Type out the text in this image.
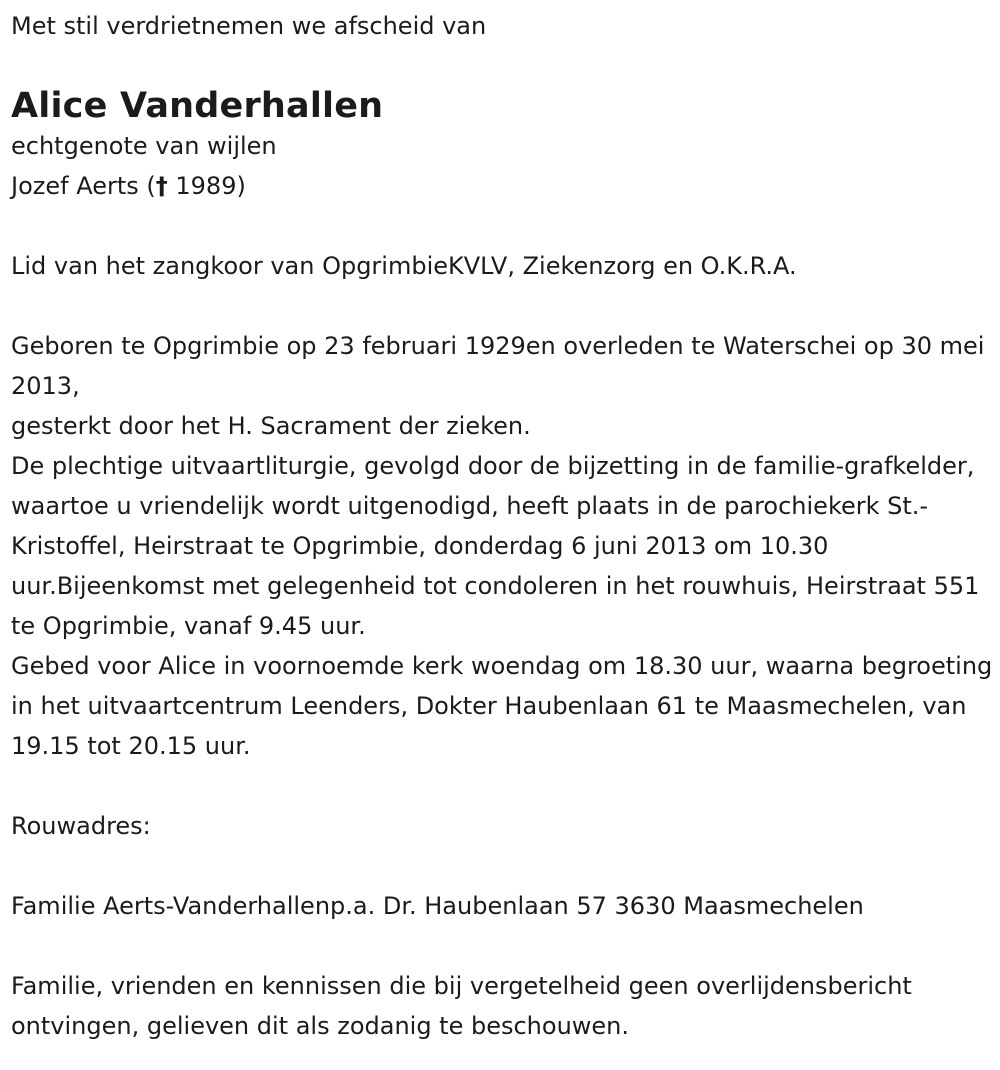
Met stil verdrietnemen we afscheid van

Alice Vanderhallen

echtgenote van wijlen

Jozef Aerts († 1989)

Lid van het zangkoor van OpgrimbieKVLV, Ziekenzorg en O.K.R.A.

Geboren te Opgrimbie op 23 februari 1929en overleden te Waterschei op 30 mei 2013,

gesterkt door het H. Sacrament der zieken.

De plechtige uitvaartliturgie, gevolgd door de bijzetting in de familie-grafkelder, waartoe u vriendelijk wordt uitgenodigd, heeft plaats in de parochiekerk St.-Kristoffel, Heirstraat te Opgrimbie, donderdag 6 juni 2013 om 10.30 uur.Bijeenkomst met gelegenheid tot condoleren in het rouwhuis, Heirstraat 551 te Opgrimbie, vanaf 9.45 uur.

Gebed voor Alice in voornoemde kerk woendag om 18.30 uur, waarna begroeting in het uitvaartcentrum Leenders, Dokter Haubenlaan 61 te Maasmechelen, van 19.15 tot 20.15 uur.

Rouwadres:

Familie Aerts-Vanderhallenp.a. Dr. Haubenlaan 57 3630 Maasmechelen

Familie, vrienden en kennissen die bij vergetelheid geen overlijdensbericht ontvingen, gelieven dit als zodanig te beschouwen.
